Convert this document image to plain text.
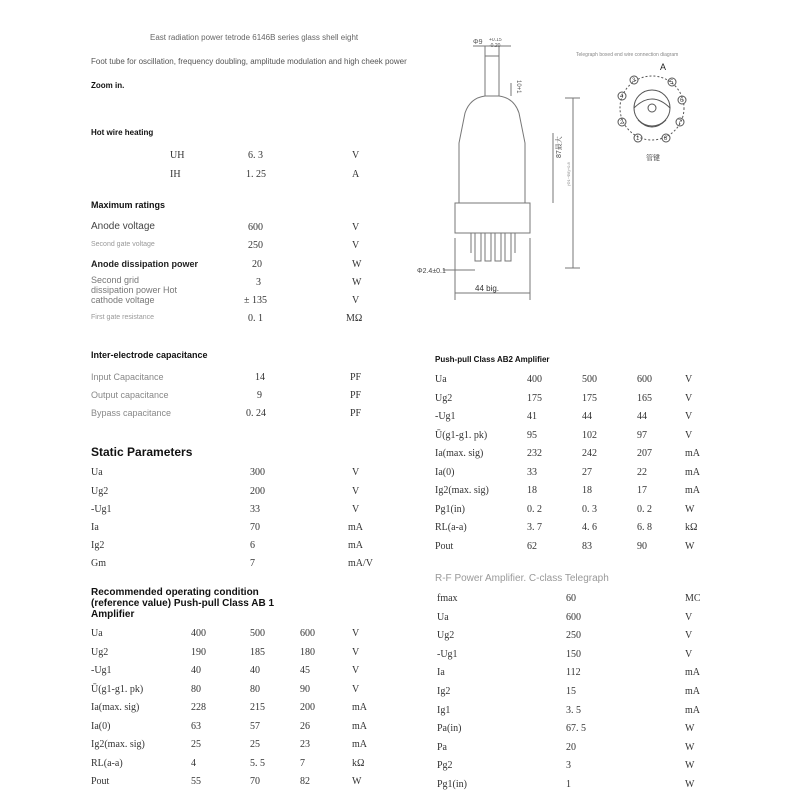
East radiation power tetrode 6146B series glass shell eight
Foot tube for oscillation, frequency doubling, amplitude modulation and high cheek power
Zoom in.
Φ9 +0.15
-0.20
10+1
87最大
(Φ1~Φ8)+0.8
Φ2.4±0.1
44 big.
Telegraph boxed end wire connection diagram
A
5
6
7
8
1
2
4
3
管键
Hot wire heating
UH	6. 3	V
IH	1. 25	A
Maximum ratings
Anode voltage	600	V
Second gate voltage	250	V
Anode dissipation power	20	W
Second grid	3	W
dissipation power Hot
cathode voltage	± 135	V
First gate resistance	0. 1	MΩ
Inter-electrode capacitance
Input Capacitance	14	PF
Output capacitance	9	PF
Bypass capacitance	0. 24	PF
Static Parameters
Ua	300	V
Ug2	200	V
-Ug1	33	V
Ia	70	mA
Ig2	6	mA
Gm	7	mA/V
Recommended operating condition (reference value) Push-pull Class AB 1 Amplifier
Ua	400	500	600	V
Ug2	190	185	180	V
-Ug1	40	40	45	V
Ū(g1-g1. pk)	80	80	90	V
Ia(max. sig)	228	215	200	mA
Ia(0)	63	57	26	mA
Ig2(max. sig)	25	25	23	mA
RL(a-a)	4	5. 5	7	kΩ
Pout	55	70	82	W
Push-pull Class AB2 Amplifier
Ua	400	500	600	V
Ug2	175	175	165	V
-Ug1	41	44	44	V
Ū(g1-g1. pk)	95	102	97	V
Ia(max. sig)	232	242	207	mA
Ia(0)	33	27	22	mA
Ig2(max. sig)	18	18	17	mA
Pg1(in)	0. 2	0. 3	0. 2	W
RL(a-a)	3. 7	4. 6	6. 8	kΩ
Pout	62	83	90	W
R-F Power Amplifier. C-class Telegraph
fmax	60	MC
Ua	600	V
Ug2	250	V
-Ug1	150	V
Ia	112	mA
Ig2	15	mA
Ig1	3. 5	mA
Pa(in)	67. 5	W
Pa	20	W
Pg2	3	W
Pg1(in)	1	W
